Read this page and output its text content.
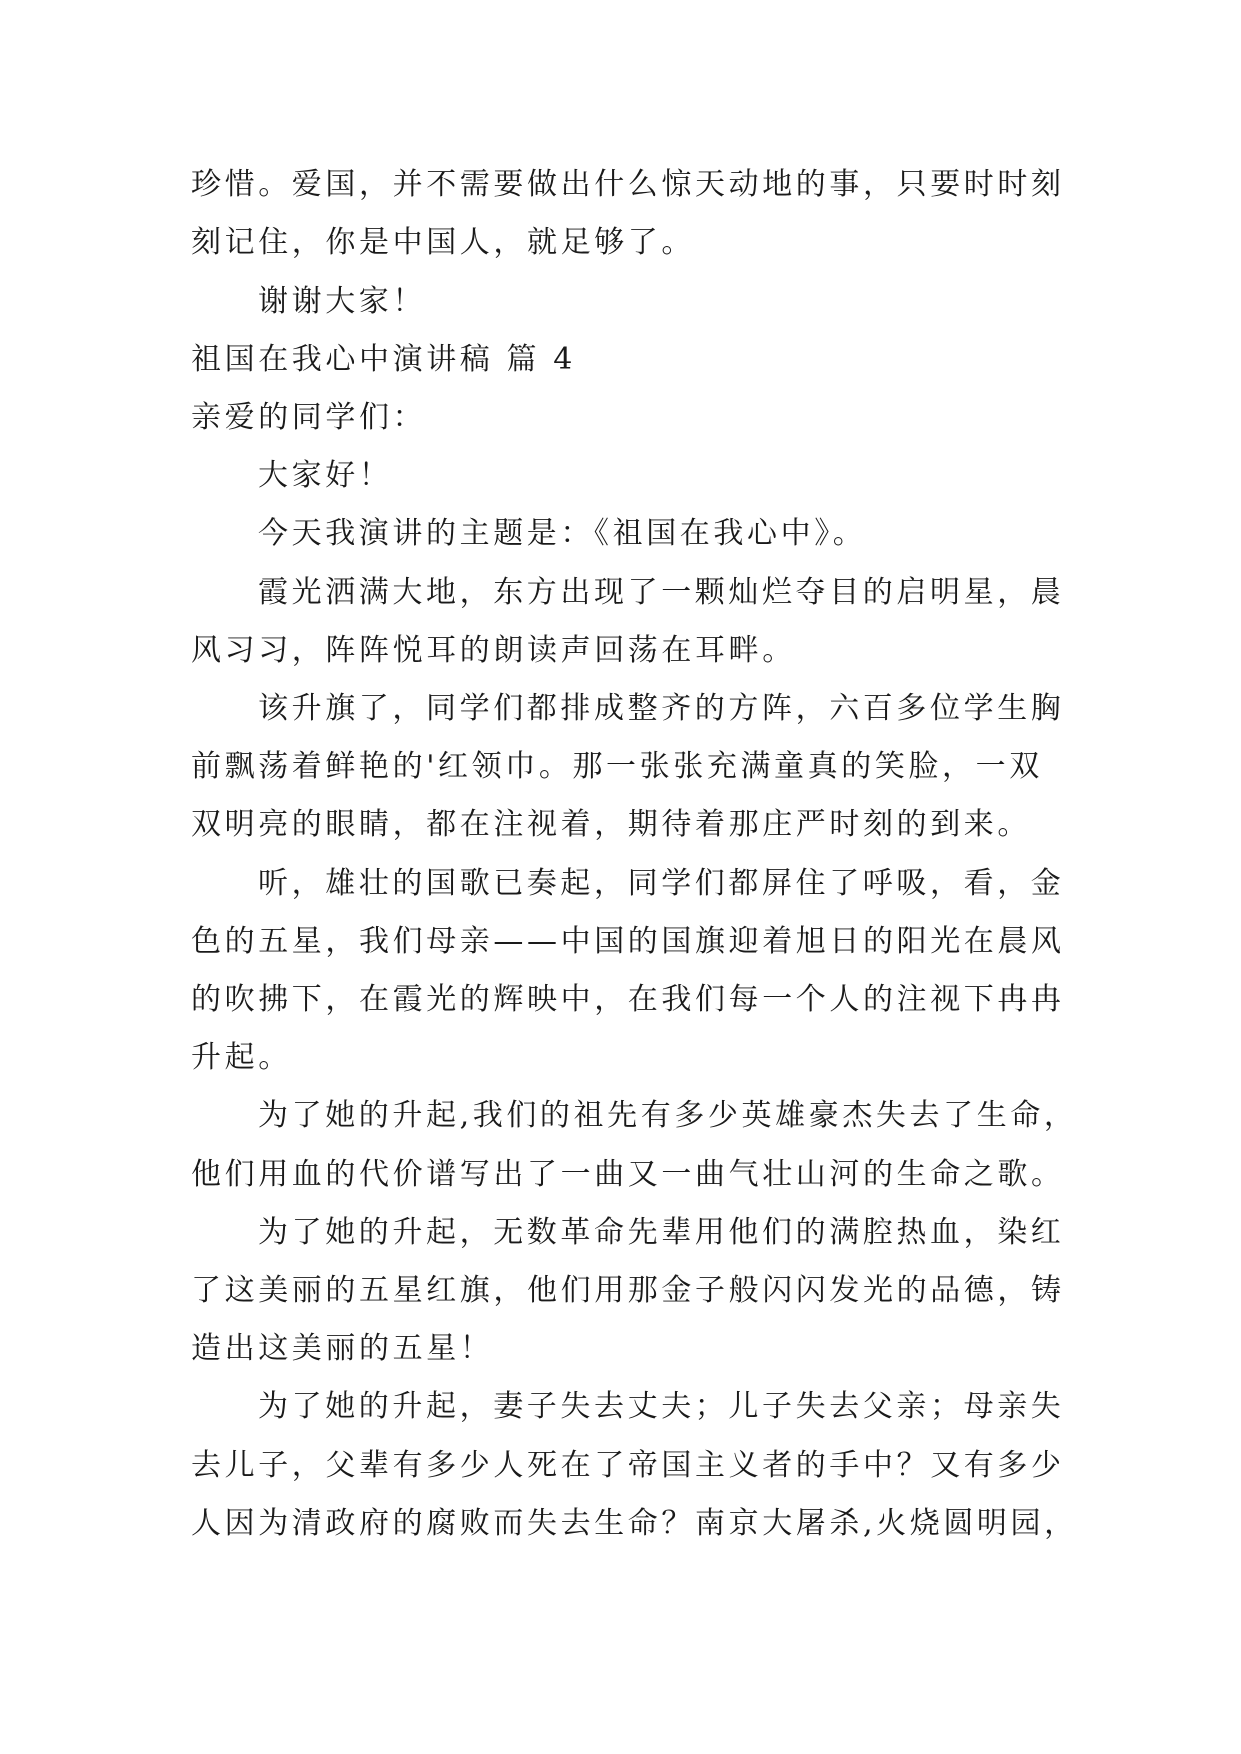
珍惜。爱国，并不需要做出什么惊天动地的事，只要时时刻
刻记住，你是中国人，就足够了。
谢谢大家！
祖国在我心中演讲稿 篇 4
亲爱的同学们：
大家好！
今天我演讲的主题是：《祖国在我心中》。
霞光洒满大地，东方出现了一颗灿烂夺目的启明星，晨
风习习，阵阵悦耳的朗读声回荡在耳畔。
该升旗了，同学们都排成整齐的方阵，六百多位学生胸
前飘荡着鲜艳的'红领巾。那一张张充满童真的笑脸，一双
双明亮的眼睛，都在注视着，期待着那庄严时刻的到来。
听，雄壮的国歌已奏起，同学们都屏住了呼吸，看，金
色的五星，我们母亲——中国的国旗迎着旭日的阳光在晨风
的吹拂下，在霞光的辉映中，在我们每一个人的注视下冉冉
升起。
为了她的升起,我们的祖先有多少英雄豪杰失去了生命，
他们用血的代价谱写出了一曲又一曲气壮山河的生命之歌。
为了她的升起，无数革命先辈用他们的满腔热血，染红
了这美丽的五星红旗，他们用那金子般闪闪发光的品德，铸
造出这美丽的五星！
为了她的升起，妻子失去丈夫；儿子失去父亲；母亲失
去儿子，父辈有多少人死在了帝国主义者的手中？又有多少
人因为清政府的腐败而失去生命？南京大屠杀,火烧圆明园，
